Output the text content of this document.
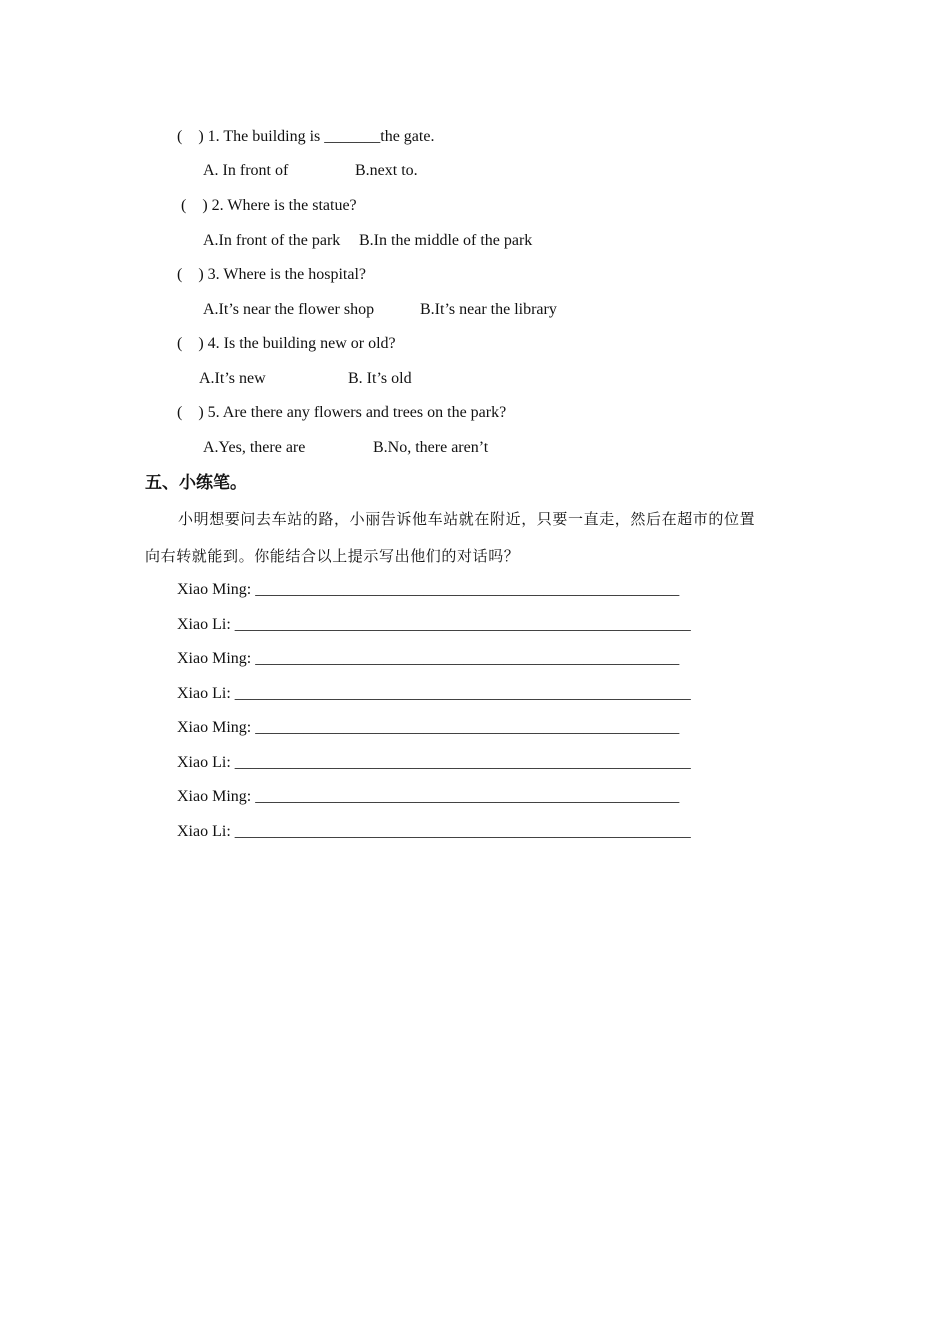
(    ) 1. The building is _______the gate.
A. In front of	B.next to.
(    ) 2. Where is the statue?
A.In front of the park B.In the middle of the park
(    ) 3. Where is the hospital?
A.It’s near the flower shop	B.It’s near the library
(    ) 4. Is the building new or old?
A.It’s new	B. It’s old
(    ) 5. Are there any flowers and trees on the park?
A.Yes, there are	B.No, there aren’t
五、小练笔。
小明想要问去车站的路，小丽告诉他车站就在附近，只要一直走，然后在超市的位置
向右转就能到。你能结合以上提示写出他们的对话吗？
Xiao Ming: _____________________________________________________
Xiao Li: _________________________________________________________
Xiao Ming: _____________________________________________________
Xiao Li: _________________________________________________________
Xiao Ming: _____________________________________________________
Xiao Li: _________________________________________________________
Xiao Ming: _____________________________________________________
Xiao Li: _________________________________________________________
